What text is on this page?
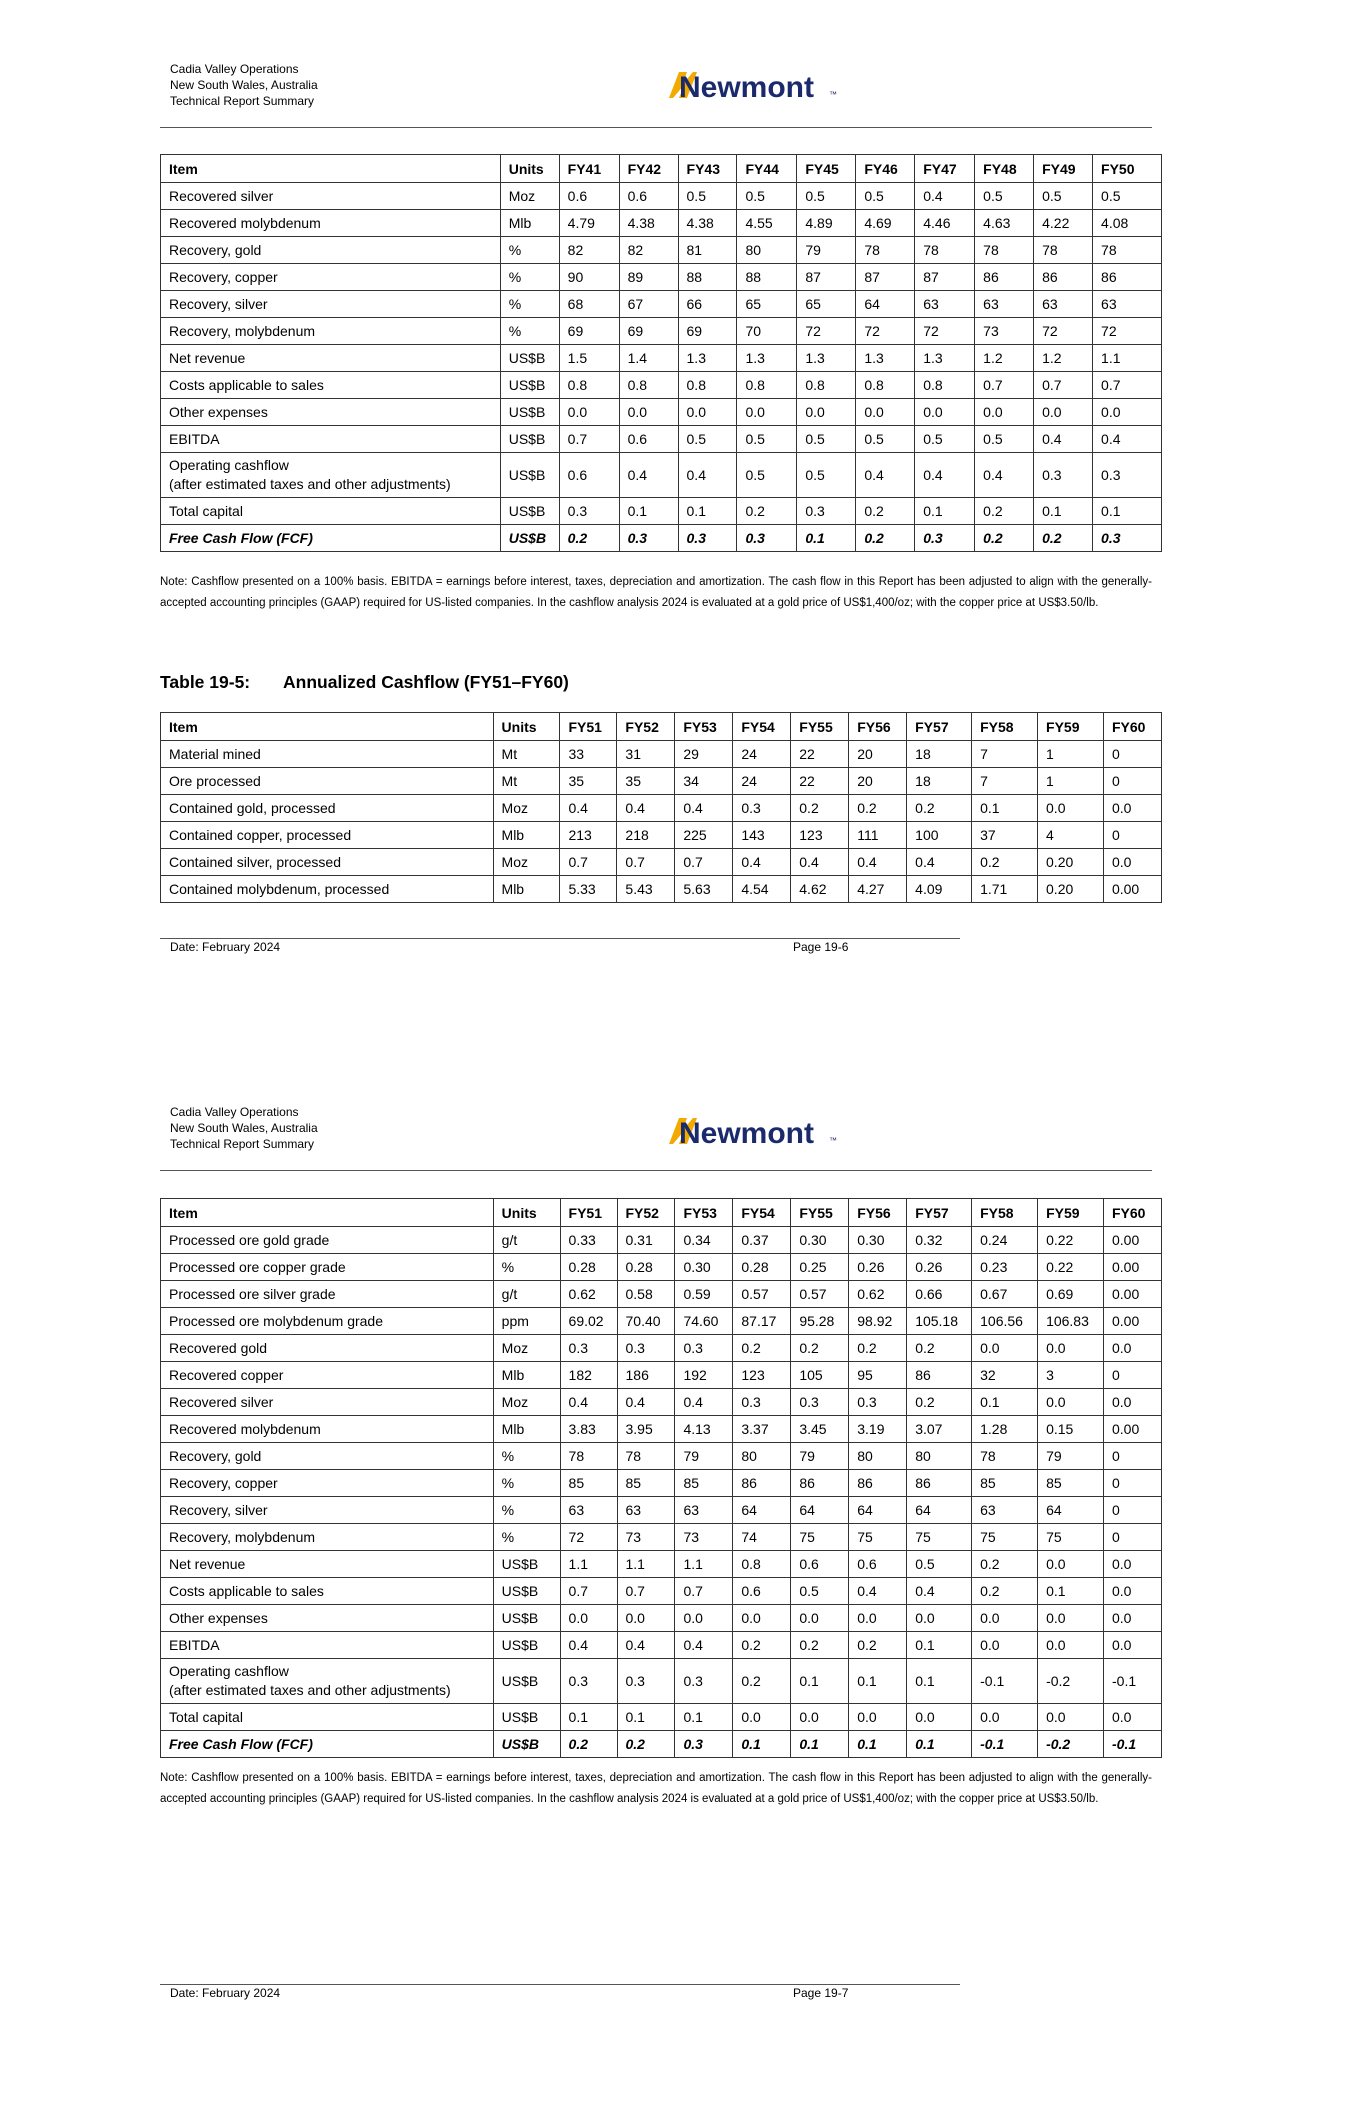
Cadia Valley Operations
New South Wales, Australia
Technical Report Summary	Newmont ™
Item	Units	FY41	FY42	FY43	FY44	FY45	FY46	FY47	FY48	FY49	FY50
Recovered silver	Moz	0.6	0.6	0.5	0.5	0.5	0.5	0.4	0.5	0.5	0.5
Recovered molybdenum	Mlb	4.79	4.38	4.38	4.55	4.89	4.69	4.46	4.63	4.22	4.08
Recovery, gold	%	82	82	81	80	79	78	78	78	78	78
Recovery, copper	%	90	89	88	88	87	87	87	86	86	86
Recovery, silver	%	68	67	66	65	65	64	63	63	63	63
Recovery, molybdenum	%	69	69	69	70	72	72	72	73	72	72
Net revenue	US$B	1.5	1.4	1.3	1.3	1.3	1.3	1.3	1.2	1.2	1.1
Costs applicable to sales	US$B	0.8	0.8	0.8	0.8	0.8	0.8	0.8	0.7	0.7	0.7
Other expenses	US$B	0.0	0.0	0.0	0.0	0.0	0.0	0.0	0.0	0.0	0.0
EBITDA	US$B	0.7	0.6	0.5	0.5	0.5	0.5	0.5	0.5	0.4	0.4
Operating cashflow
(after estimated taxes and other adjustments)	US$B	0.6	0.4	0.4	0.5	0.5	0.4	0.4	0.4	0.3	0.3
Total capital	US$B	0.3	0.1	0.1	0.2	0.3	0.2	0.1	0.2	0.1	0.1
Free Cash Flow (FCF)	US$B	0.2	0.3	0.3	0.3	0.1	0.2	0.3	0.2	0.2	0.3
Note: Cashflow presented on a 100% basis. EBITDA = earnings before interest, taxes, depreciation and amortization. The cash flow in this Report has been adjusted to align with the generally-accepted accounting principles (GAAP) required for US-listed companies. In the cashflow analysis 2024 is evaluated at a gold price of US$1,400/oz; with the copper price at US$3.50/lb.
Table 19-5: Annualized Cashflow (FY51–FY60)
Item	Units	FY51	FY52	FY53	FY54	FY55	FY56	FY57	FY58	FY59	FY60
Material mined	Mt	33	31	29	24	22	20	18	7	1	0
Ore processed	Mt	35	35	34	24	22	20	18	7	1	0
Contained gold, processed	Moz	0.4	0.4	0.4	0.3	0.2	0.2	0.2	0.1	0.0	0.0
Contained copper, processed	Mlb	213	218	225	143	123	111	100	37	4	0
Contained silver, processed	Moz	0.7	0.7	0.7	0.4	0.4	0.4	0.4	0.2	0.20	0.0
Contained molybdenum, processed	Mlb	5.33	5.43	5.63	4.54	4.62	4.27	4.09	1.71	0.20	0.00
Date: February 2024	Page 19-6
Cadia Valley Operations
New South Wales, Australia
Technical Report Summary	Newmont ™
Item	Units	FY51	FY52	FY53	FY54	FY55	FY56	FY57	FY58	FY59	FY60
Processed ore gold grade	g/t	0.33	0.31	0.34	0.37	0.30	0.30	0.32	0.24	0.22	0.00
Processed ore copper grade	%	0.28	0.28	0.30	0.28	0.25	0.26	0.26	0.23	0.22	0.00
Processed ore silver grade	g/t	0.62	0.58	0.59	0.57	0.57	0.62	0.66	0.67	0.69	0.00
Processed ore molybdenum grade	ppm	69.02	70.40	74.60	87.17	95.28	98.92	105.18	106.56	106.83	0.00
Recovered gold	Moz	0.3	0.3	0.3	0.2	0.2	0.2	0.2	0.0	0.0	0.0
Recovered copper	Mlb	182	186	192	123	105	95	86	32	3	0
Recovered silver	Moz	0.4	0.4	0.4	0.3	0.3	0.3	0.2	0.1	0.0	0.0
Recovered molybdenum	Mlb	3.83	3.95	4.13	3.37	3.45	3.19	3.07	1.28	0.15	0.00
Recovery, gold	%	78	78	79	80	79	80	80	78	79	0
Recovery, copper	%	85	85	85	86	86	86	86	85	85	0
Recovery, silver	%	63	63	63	64	64	64	64	63	64	0
Recovery, molybdenum	%	72	73	73	74	75	75	75	75	75	0
Net revenue	US$B	1.1	1.1	1.1	0.8	0.6	0.6	0.5	0.2	0.0	0.0
Costs applicable to sales	US$B	0.7	0.7	0.7	0.6	0.5	0.4	0.4	0.2	0.1	0.0
Other expenses	US$B	0.0	0.0	0.0	0.0	0.0	0.0	0.0	0.0	0.0	0.0
EBITDA	US$B	0.4	0.4	0.4	0.2	0.2	0.2	0.1	0.0	0.0	0.0
Operating cashflow
(after estimated taxes and other adjustments)	US$B	0.3	0.3	0.3	0.2	0.1	0.1	0.1	-0.1	-0.2	-0.1
Total capital	US$B	0.1	0.1	0.1	0.0	0.0	0.0	0.0	0.0	0.0	0.0
Free Cash Flow (FCF)	US$B	0.2	0.2	0.3	0.1	0.1	0.1	0.1	-0.1	-0.2	-0.1
Note: Cashflow presented on a 100% basis. EBITDA = earnings before interest, taxes, depreciation and amortization. The cash flow in this Report has been adjusted to align with the generally-accepted accounting principles (GAAP) required for US-listed companies. In the cashflow analysis 2024 is evaluated at a gold price of US$1,400/oz; with the copper price at US$3.50/lb.
Date: February 2024	Page 19-7
